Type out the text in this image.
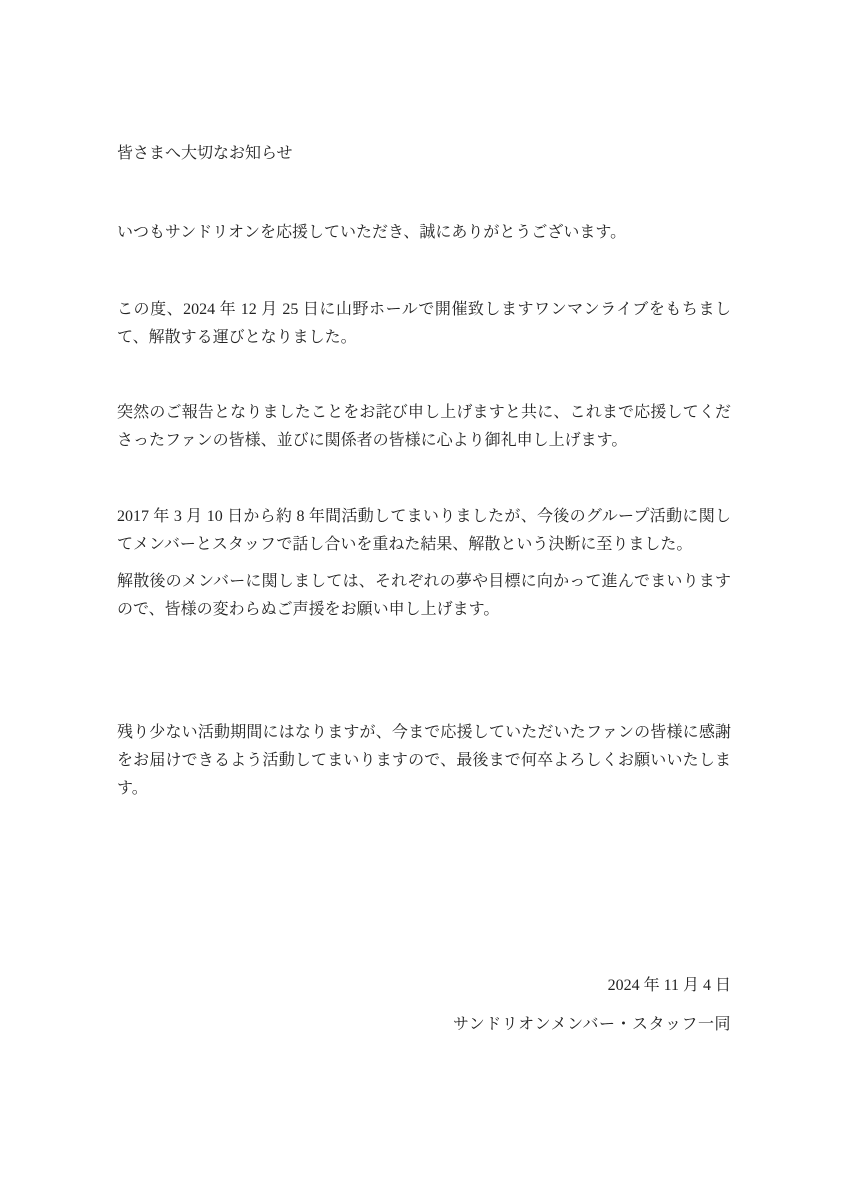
皆さまへ大切なお知らせ

いつもサンドリオンを応援していただき、誠にありがとうございます。

この度、2024 年 12 月 25 日に山野ホールで開催致しますワンマンライブをもちまして、解散する運びとなりました。

突然のご報告となりましたことをお詫び申し上げますと共に、これまで応援してくださったファンの皆様、並びに関係者の皆様に心より御礼申し上げます。

2017 年 3 月 10 日から約 8 年間活動してまいりましたが、今後のグループ活動に関してメンバーとスタッフで話し合いを重ねた結果、解散という決断に至りました。

解散後のメンバーに関しましては、それぞれの夢や目標に向かって進んでまいりますので、皆様の変わらぬご声援をお願い申し上げます。

残り少ない活動期間にはなりますが、今まで応援していただいたファンの皆様に感謝をお届けできるよう活動してまいりますので、最後まで何卒よろしくお願いいたします。

2024 年 11 月 4 日

サンドリオンメンバー・スタッフ一同
